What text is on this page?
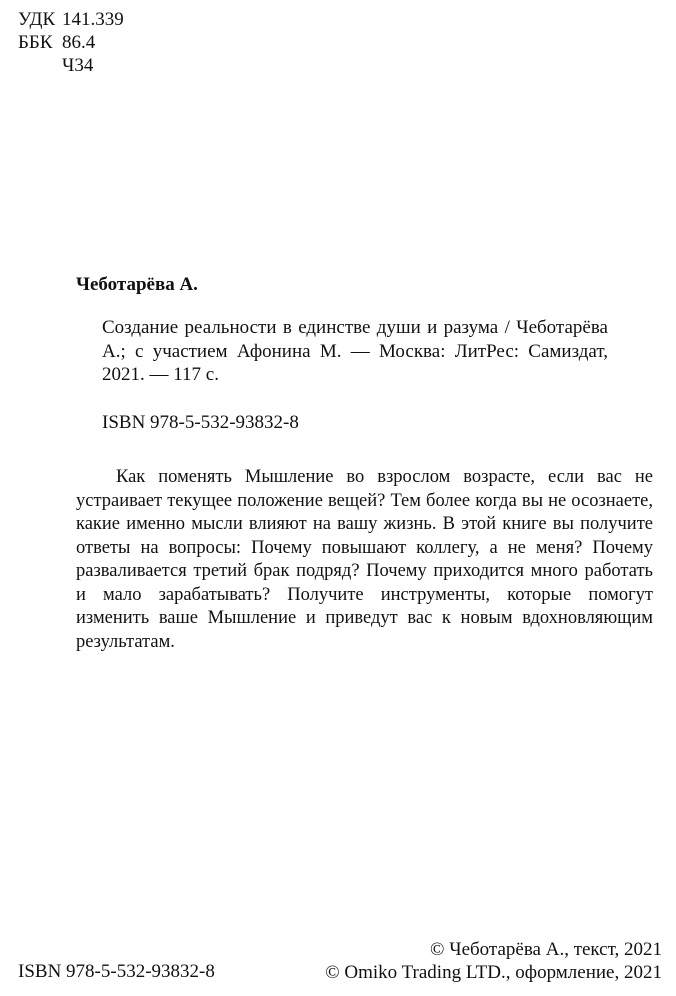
УДК 141.339
ББК 86.4
Ч34
Чеботарёва А.
Создание реальности в единстве души и разума / Чеботарёва А.; с участием Афонина М. — Москва: ЛитРес: Самиздат, 2021. — 117 с.
ISBN 978-5-532-93832-8
Как поменять Мышление во взрослом возрасте, если вас не устраивает текущее положение вещей? Тем более когда вы не осознаете, какие именно мысли влияют на вашу жизнь. В этой книге вы получите ответы на вопросы: Почему повышают коллегу, а не меня? Почему разваливается третий брак подряд? Почему приходится много работать и мало зарабатывать? Получите инструменты, которые помогут изменить ваше Мышление и приведут вас к новым вдохновляющим результатам.
ISBN 978-5-532-93832-8
© Чеботарёва А., текст, 2021
© Omiko Trading LTD., оформление, 2021
